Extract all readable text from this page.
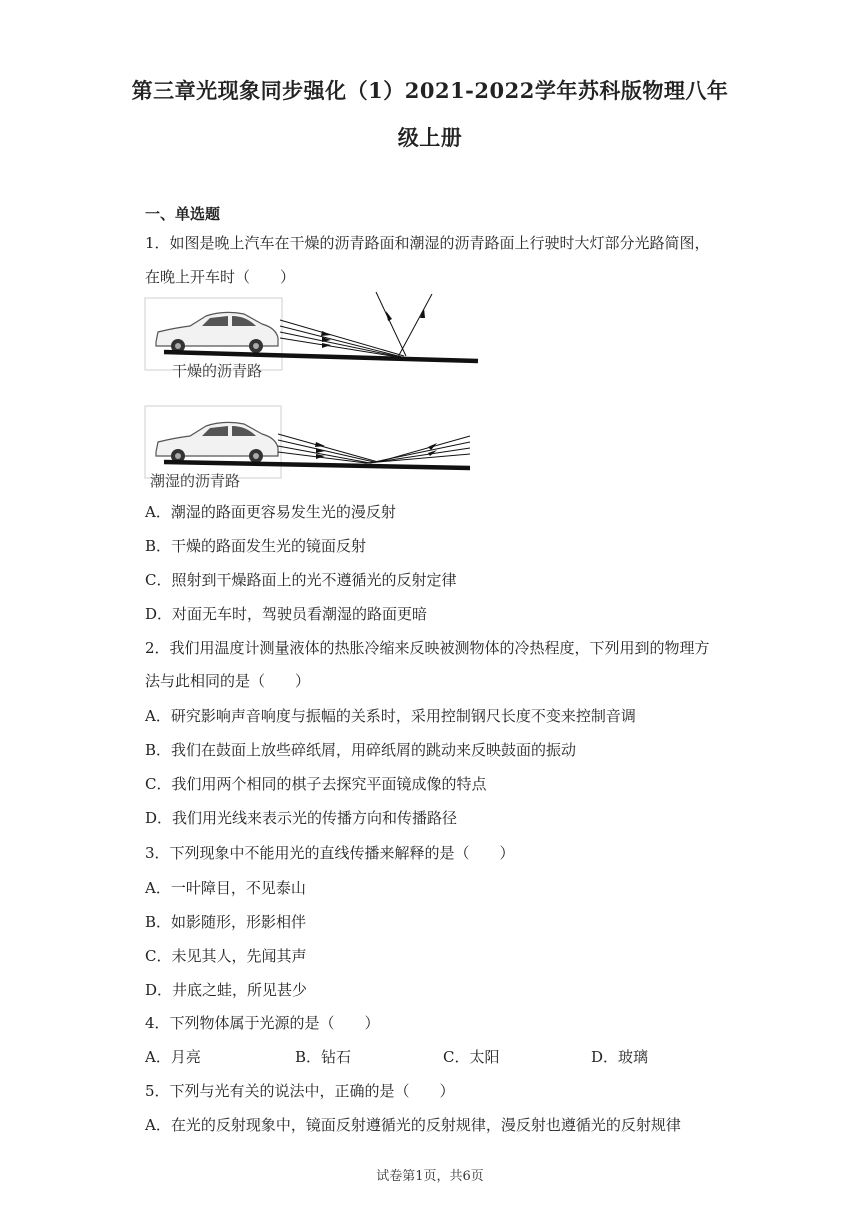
第三章光现象同步强化（1）2021-2022学年苏科版物理八年
级上册
一、单选题
1．如图是晚上汽车在干燥的沥青路面和潮湿的沥青路面上行驶时大灯部分光路简图，
在晚上开车时（　　）
干燥的沥青路
潮湿的沥青路
A．潮湿的路面更容易发生光的漫反射
B．干燥的路面发生光的镜面反射
C．照射到干燥路面上的光不遵循光的反射定律
D．对面无车时，驾驶员看潮湿的路面更暗
2．我们用温度计测量液体的热胀冷缩来反映被测物体的冷热程度，下列用到的物理方
法与此相同的是（　　）
A．研究影响声音响度与振幅的关系时，采用控制钢尺长度不变来控制音调
B．我们在鼓面上放些碎纸屑，用碎纸屑的跳动来反映鼓面的振动
C．我们用两个相同的棋子去探究平面镜成像的特点
D．我们用光线来表示光的传播方向和传播路径
3．下列现象中不能用光的直线传播来解释的是（　　）
A．一叶障目，不见泰山
B．如影随形，形影相伴
C．未见其人，先闻其声
D．井底之蛙，所见甚少
4．下列物体属于光源的是（　　）
A．月亮	B．钻石	C．太阳	D．玻璃
5．下列与光有关的说法中，正确的是（　　）
A．在光的反射现象中，镜面反射遵循光的反射规律，漫反射也遵循光的反射规律
试卷第1页，共6页
